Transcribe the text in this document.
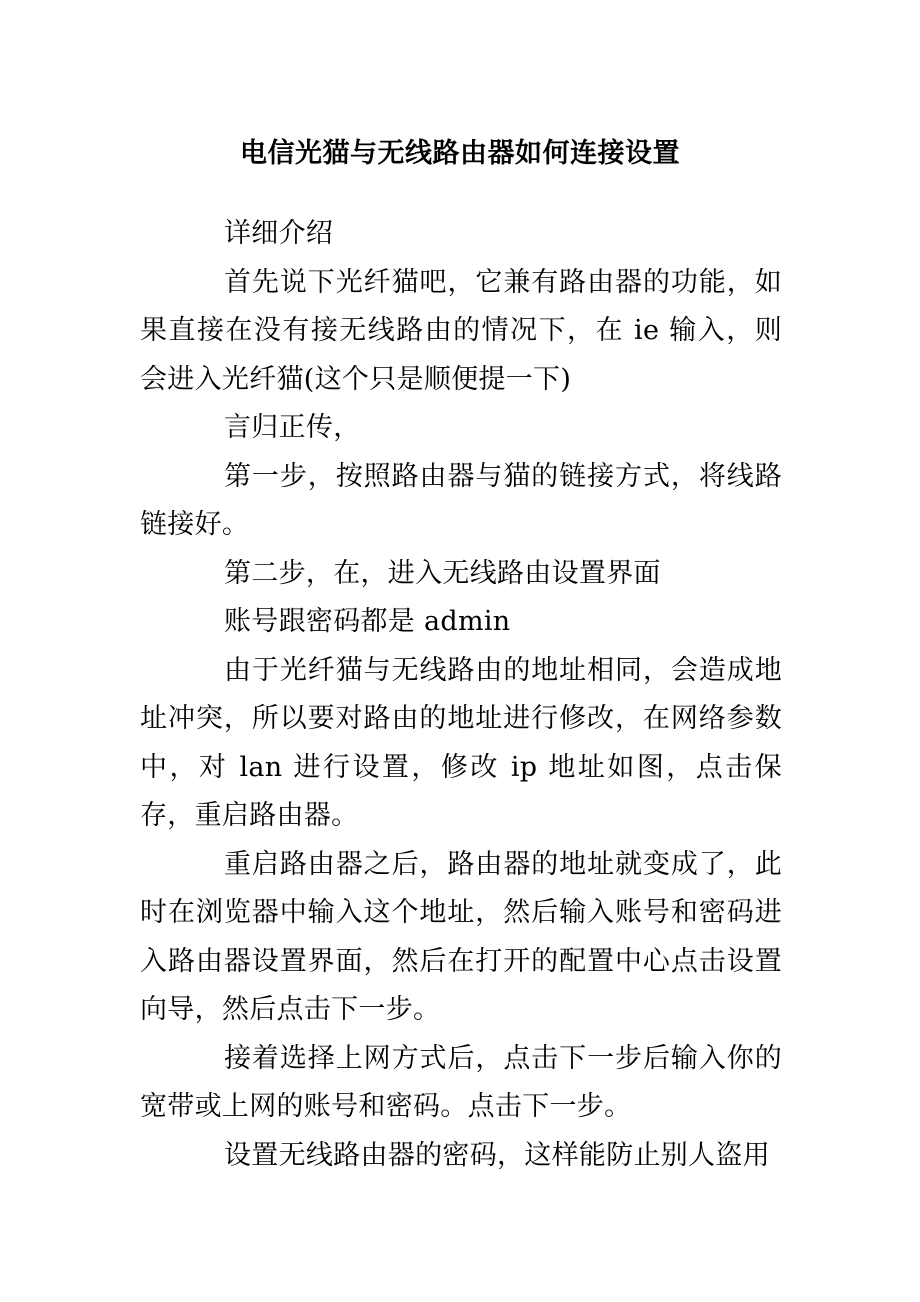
电信光猫与无线路由器如何连接设置

详细介绍

首先说下光纤猫吧，它兼有路由器的功能，如果直接在没有接无线路由的情况下，在 ie 输入，则会进入光纤猫(这个只是顺便提一下)

言归正传，

第一步，按照路由器与猫的链接方式，将线路链接好。

第二步，在，进入无线路由设置界面

账号跟密码都是 admin

由于光纤猫与无线路由的地址相同，会造成地址冲突，所以要对路由的地址进行修改，在网络参数中，对 lan 进行设置，修改 ip 地址如图，点击保存，重启路由器。

重启路由器之后，路由器的地址就变成了，此时在浏览器中输入这个地址，然后输入账号和密码进入路由器设置界面，然后在打开的配置中心点击设置向导，然后点击下一步。

接着选择上网方式后，点击下一步后输入你的宽带或上网的账号和密码。点击下一步。

设置无线路由器的密码，这样能防止别人盗用
